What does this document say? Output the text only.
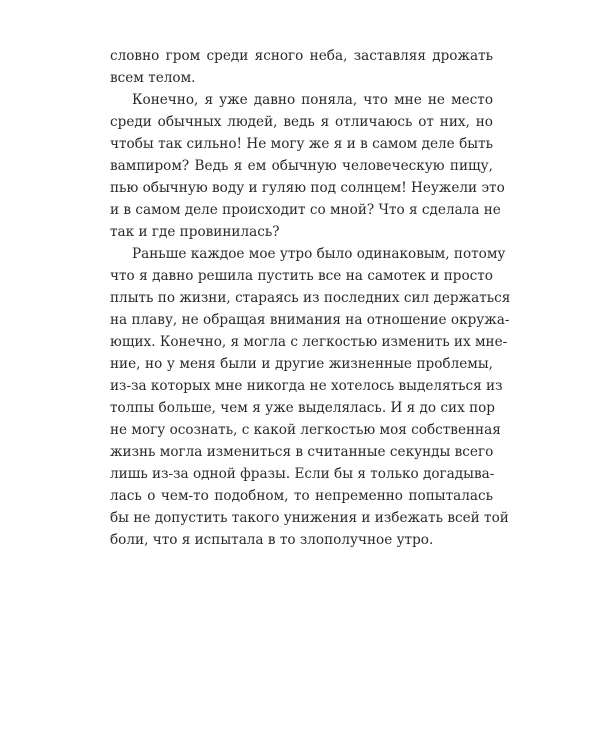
словно гром среди ясного неба, заставляя дрожать
всем телом.
Конечно, я уже давно поняла, что мне не место
среди обычных людей, ведь я отличаюсь от них, но
чтобы так сильно! Не могу же я и в самом деле быть
вампиром? Ведь я ем обычную человеческую пищу,
пью обычную воду и гуляю под солнцем! Неужели это
и в самом деле происходит со мной? Что я сделала не
так и где провинилась?
Раньше каждое мое утро было одинаковым, потому
что я давно решила пустить все на самотек и просто
плыть по жизни, стараясь из последних сил держаться
на плаву, не обращая внимания на отношение окружа-
ющих. Конечно, я могла с легкостью изменить их мне-
ние, но у меня были и другие жизненные проблемы,
из-за которых мне никогда не хотелось выделяться из
толпы больше, чем я уже выделялась. И я до сих пор
не могу осознать, с какой легкостью моя собственная
жизнь могла измениться в считанные секунды всего
лишь из-за одной фразы. Если бы я только догадыва-
лась о чем-то подобном, то непременно попыталась
бы не допустить такого унижения и избежать всей той
боли, что я испытала в то злополучное утро.
